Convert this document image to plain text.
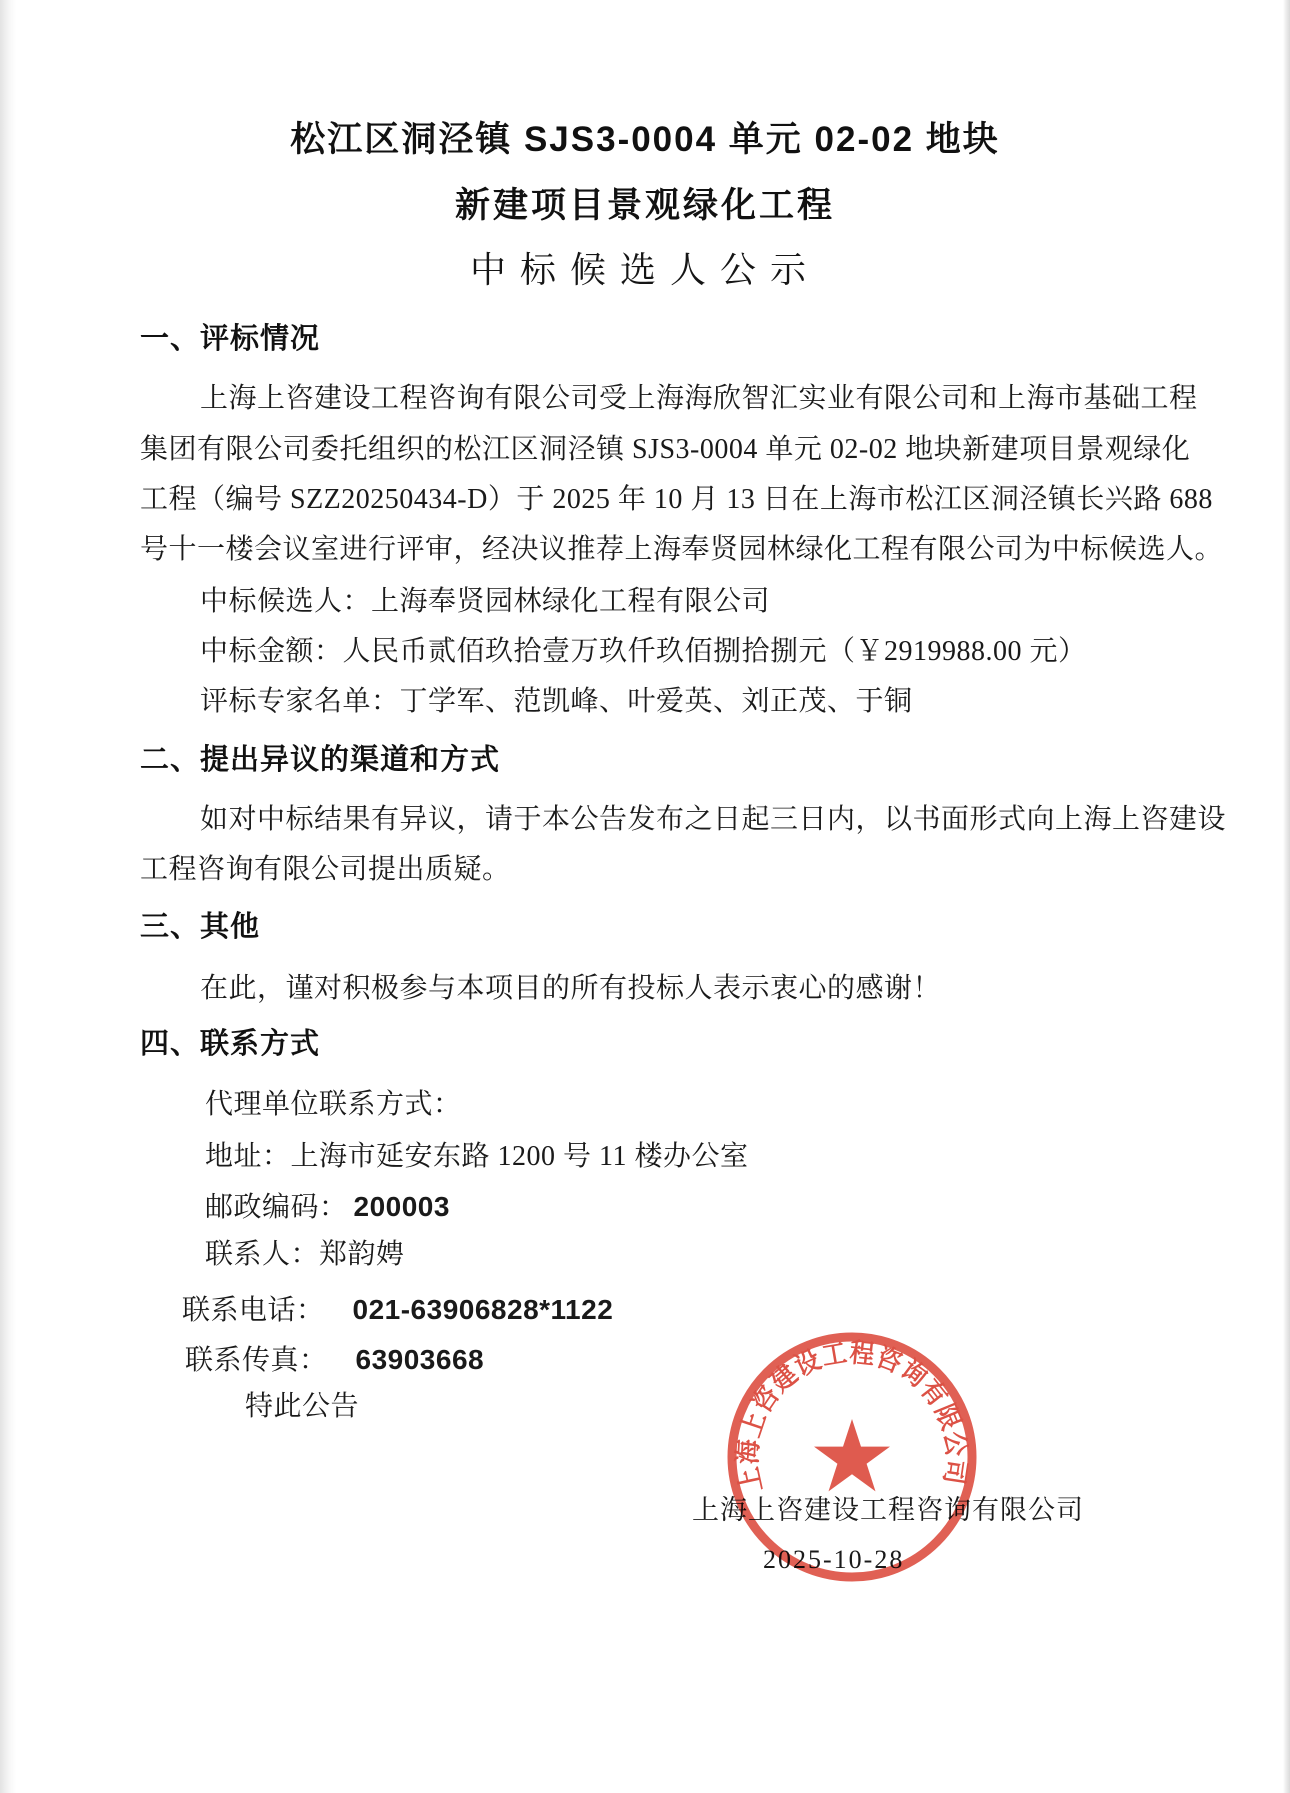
松江区洞泾镇 SJS3-0004 单元 02-02 地块
新建项目景观绿化工程
中标候选人公示
一、评标情况
上海上咨建设工程咨询有限公司受上海海欣智汇实业有限公司和上海市基础工程
集团有限公司委托组织的松江区洞泾镇 SJS3-0004 单元 02-02 地块新建项目景观绿化
工程（编号 SZZ20250434-D）于 2025 年 10 月 13 日在上海市松江区洞泾镇长兴路 688
号十一楼会议室进行评审，经决议推荐上海奉贤园林绿化工程有限公司为中标候选人。
中标候选人：上海奉贤园林绿化工程有限公司
中标金额：人民币贰佰玖拾壹万玖仟玖佰捌拾捌元（￥2919988.00 元）
评标专家名单：丁学军、范凯峰、叶爱英、刘正茂、于铜
二、提出异议的渠道和方式
如对中标结果有异议，请于本公告发布之日起三日内，以书面形式向上海上咨建设
工程咨询有限公司提出质疑。
三、其他
在此，谨对积极参与本项目的所有投标人表示衷心的感谢！
四、联系方式
代理单位联系方式：
地址：上海市延安东路 1200 号 11 楼办公室
邮政编码： 200003
联系人：郑韵娉
联系电话： 021-63906828*1122
联系传真： 63903668
特此公告
上海上咨建设工程咨询有限公司
2025-10-28
上海上咨建设工程咨询有限公司
